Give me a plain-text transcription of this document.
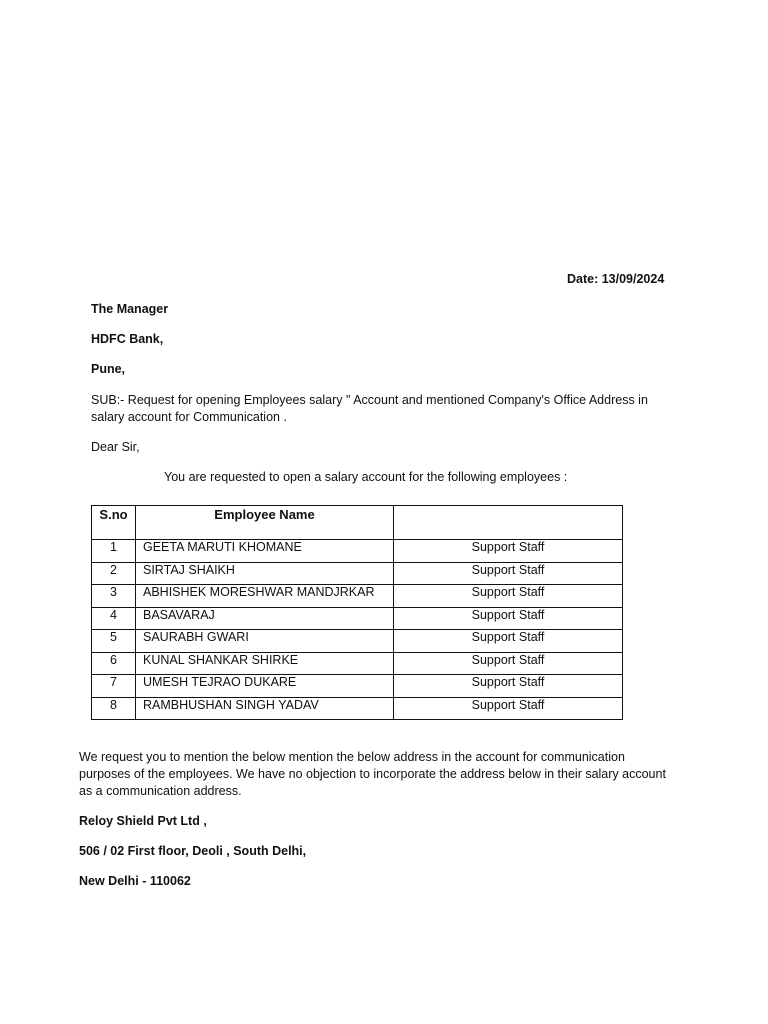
Date: 13/09/2024
The Manager
HDFC Bank,
Pune,
SUB:- Request for opening Employees salary " Account and mentioned Company's Office Address in salary account for Communication .
Dear Sir,
You are requested to open a salary account for the following employees :
S.no	Employee Name	
1	GEETA MARUTI KHOMANE	Support Staff
2	SIRTAJ SHAIKH	Support Staff
3	ABHISHEK MORESHWAR MANDJRKAR	Support Staff
4	BASAVARAJ	Support Staff
5	SAURABH GWARI	Support Staff
6	KUNAL SHANKAR SHIRKE	Support Staff
7	UMESH TEJRAO DUKARE	Support Staff
8	RAMBHUSHAN SINGH YADAV	Support Staff
We request you to mention the below mention the below address in the account for communication purposes of the employees. We have no objection to incorporate the address below in their salary account as a communication address.
Reloy Shield Pvt Ltd ,
506 / 02 First floor, Deoli , South Delhi,
New Delhi - 110062
